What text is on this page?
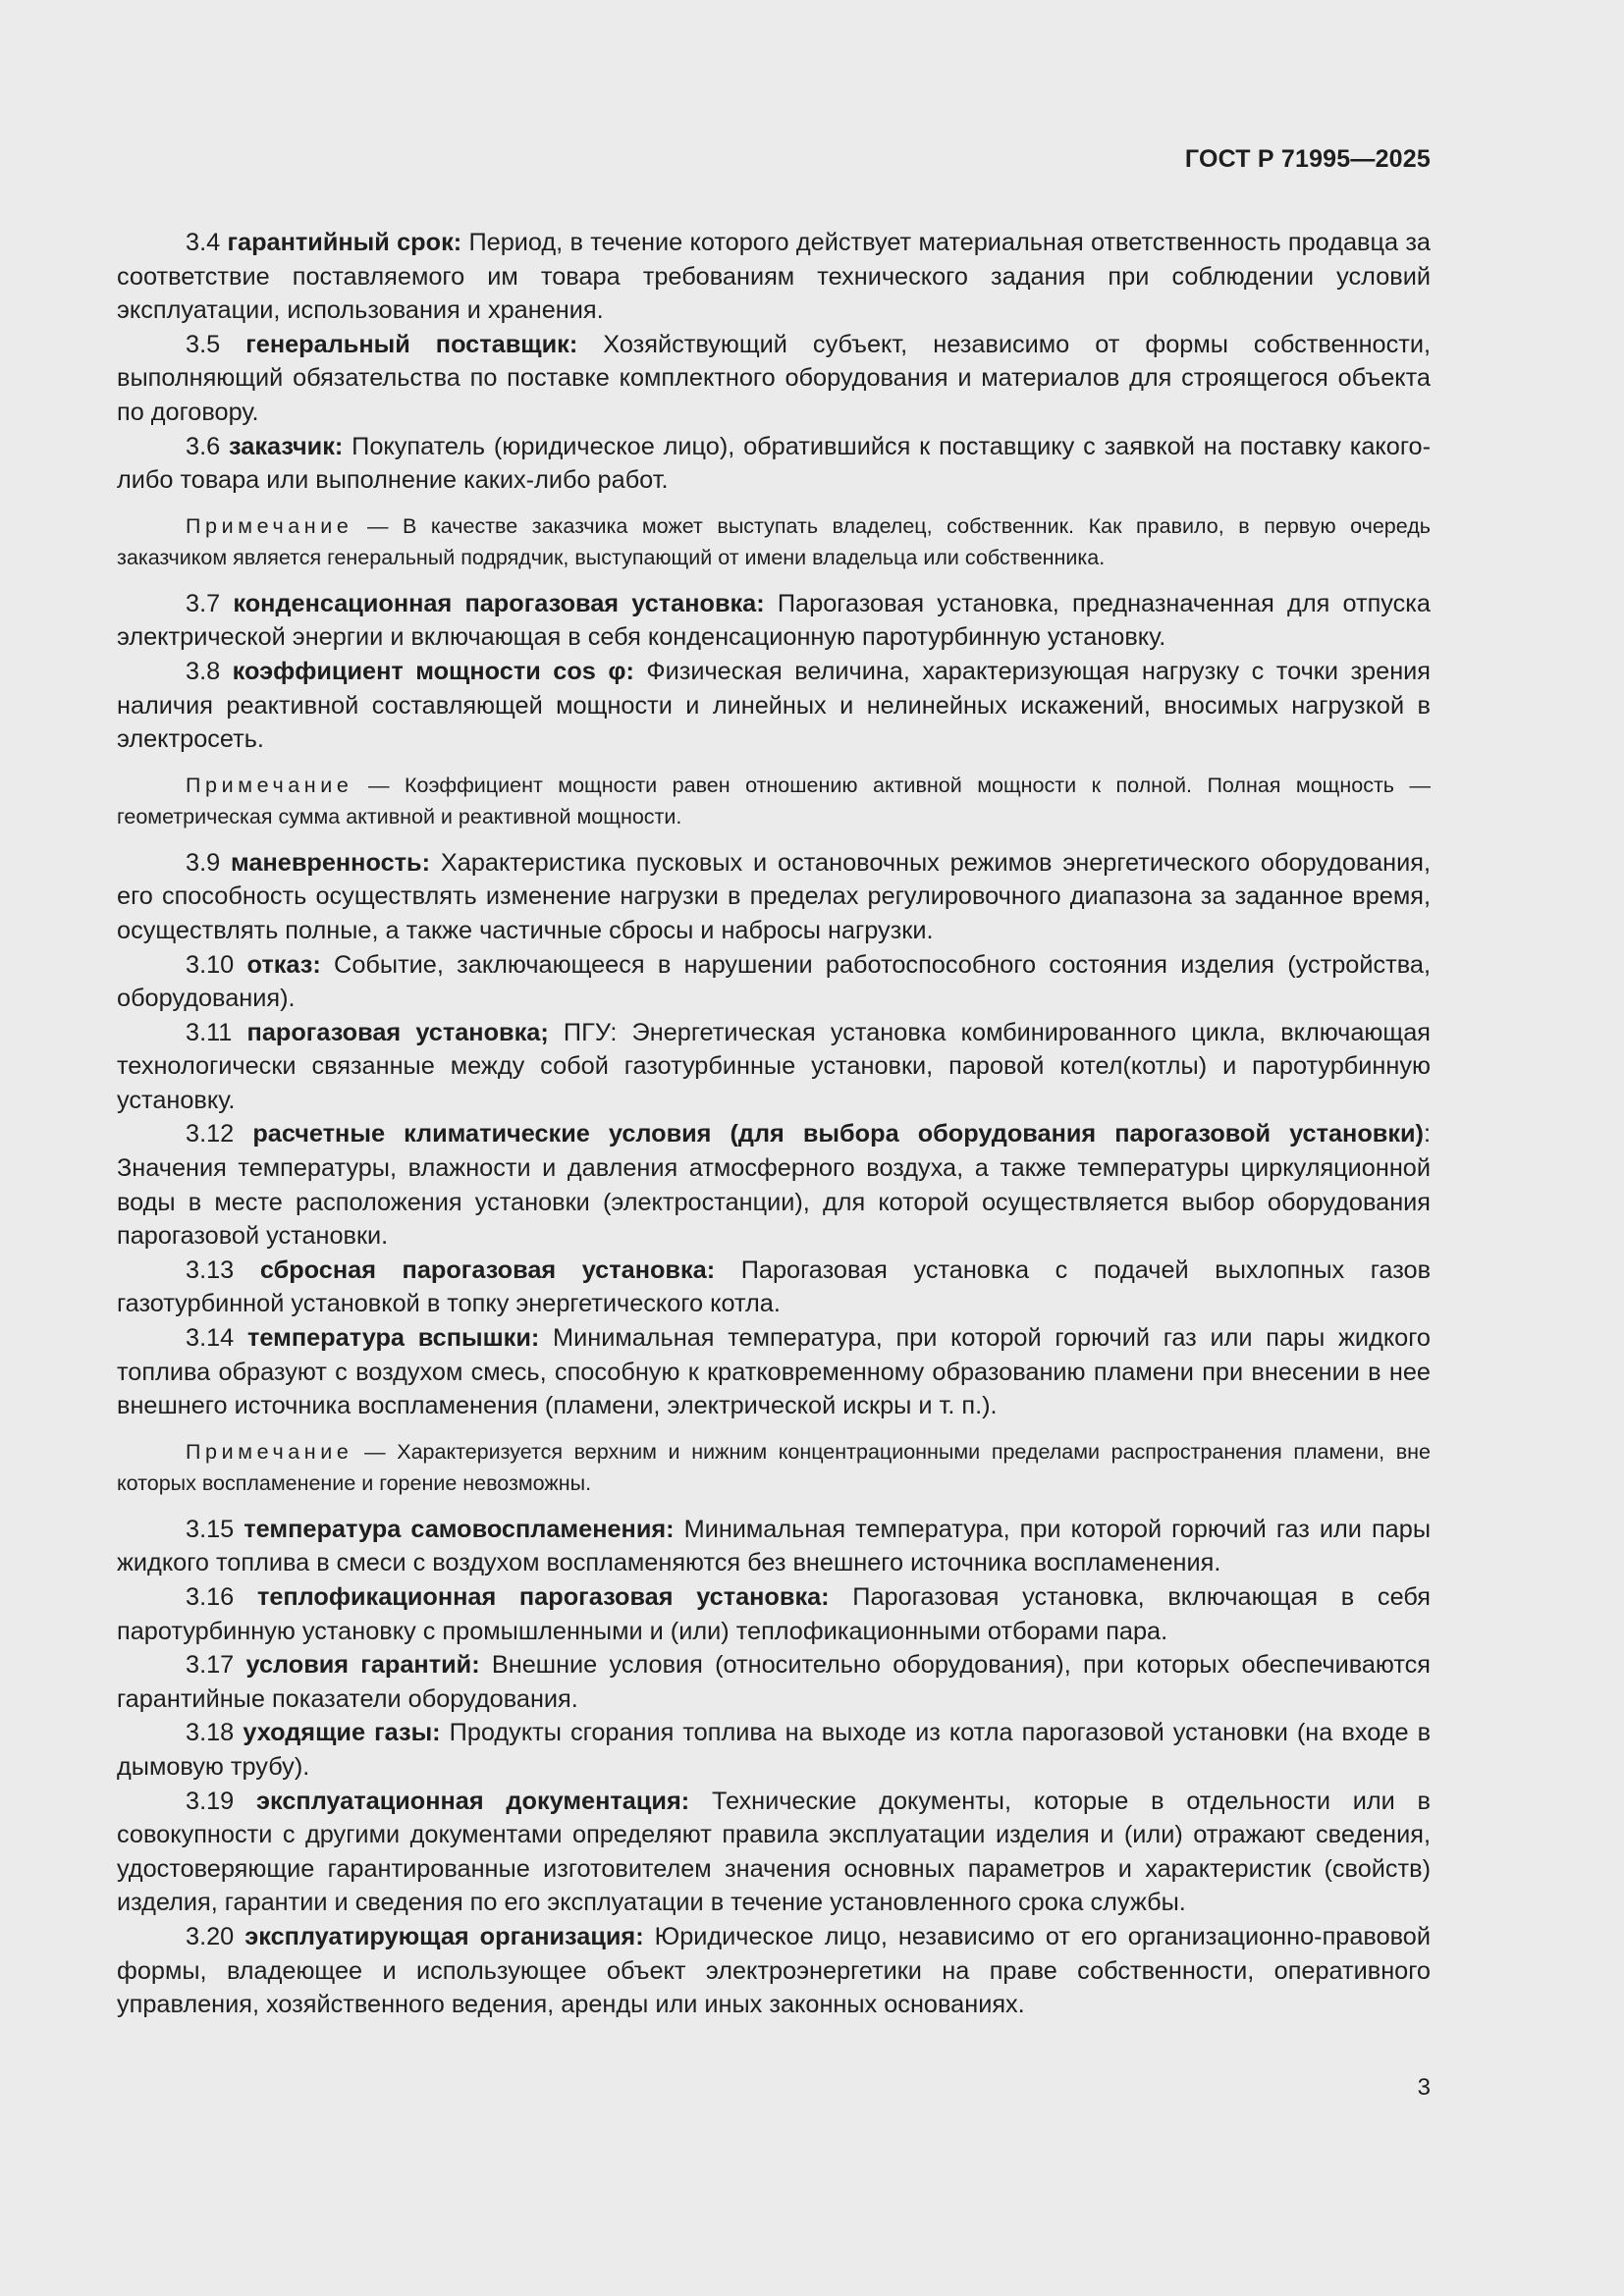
ГОСТ Р 71995—2025

3.4 гарантийный срок: Период, в течение которого действует материальная ответственность продавца за соответствие поставляемого им товара требованиям технического задания при соблюдении условий эксплуатации, использования и хранения.

3.5 генеральный поставщик: Хозяйствующий субъект, независимо от формы собственности, выполняющий обязательства по поставке комплектного оборудования и материалов для строящегося объекта по договору.

3.6 заказчик: Покупатель (юридическое лицо), обратившийся к поставщику с заявкой на поставку какого-либо товара или выполнение каких-либо работ.

Примечание — В качестве заказчика может выступать владелец, собственник. Как правило, в первую очередь заказчиком является генеральный подрядчик, выступающий от имени владельца или собственника.

3.7 конденсационная парогазовая установка: Парогазовая установка, предназначенная для отпуска электрической энергии и включающая в себя конденсационную паротурбинную установку.

3.8 коэффициент мощности cos φ: Физическая величина, характеризующая нагрузку с точки зрения наличия реактивной составляющей мощности и линейных и нелинейных искажений, вносимых нагрузкой в электросеть.

Примечание — Коэффициент мощности равен отношению активной мощности к полной. Полная мощность — геометрическая сумма активной и реактивной мощности.

3.9 маневренность: Характеристика пусковых и остановочных режимов энергетического оборудования, его способность осуществлять изменение нагрузки в пределах регулировочного диапазона за заданное время, осуществлять полные, а также частичные сбросы и набросы нагрузки.

3.10 отказ: Событие, заключающееся в нарушении работоспособного состояния изделия (устройства, оборудования).

3.11 парогазовая установка; ПГУ: Энергетическая установка комбинированного цикла, включающая технологически связанные между собой газотурбинные установки, паровой котел(котлы) и паротурбинную установку.

3.12 расчетные климатические условия (для выбора оборудования парогазовой установки): Значения температуры, влажности и давления атмосферного воздуха, а также температуры циркуляционной воды в месте расположения установки (электростанции), для которой осуществляется выбор оборудования парогазовой установки.

3.13 сбросная парогазовая установка: Парогазовая установка с подачей выхлопных газов газотурбинной установкой в топку энергетического котла.

3.14 температура вспышки: Минимальная температура, при которой горючий газ или пары жидкого топлива образуют с воздухом смесь, способную к кратковременному образованию пламени при внесении в нее внешнего источника воспламенения (пламени, электрической искры и т. п.).

Примечание — Характеризуется верхним и нижним концентрационными пределами распространения пламени, вне которых воспламенение и горение невозможны.

3.15 температура самовоспламенения: Минимальная температура, при которой горючий газ или пары жидкого топлива в смеси с воздухом воспламеняются без внешнего источника воспламенения.

3.16 теплофикационная парогазовая установка: Парогазовая установка, включающая в себя паротурбинную установку с промышленными и (или) теплофикационными отборами пара.

3.17 условия гарантий: Внешние условия (относительно оборудования), при которых обеспечиваются гарантийные показатели оборудования.

3.18 уходящие газы: Продукты сгорания топлива на выходе из котла парогазовой установки (на входе в дымовую трубу).

3.19 эксплуатационная документация: Технические документы, которые в отдельности или в совокупности с другими документами определяют правила эксплуатации изделия и (или) отражают сведения, удостоверяющие гарантированные изготовителем значения основных параметров и характеристик (свойств) изделия, гарантии и сведения по его эксплуатации в течение установленного срока службы.

3.20 эксплуатирующая организация: Юридическое лицо, независимо от его организационно-правовой формы, владеющее и использующее объект электроэнергетики на праве собственности, оперативного управления, хозяйственного ведения, аренды или иных законных основаниях.

3
